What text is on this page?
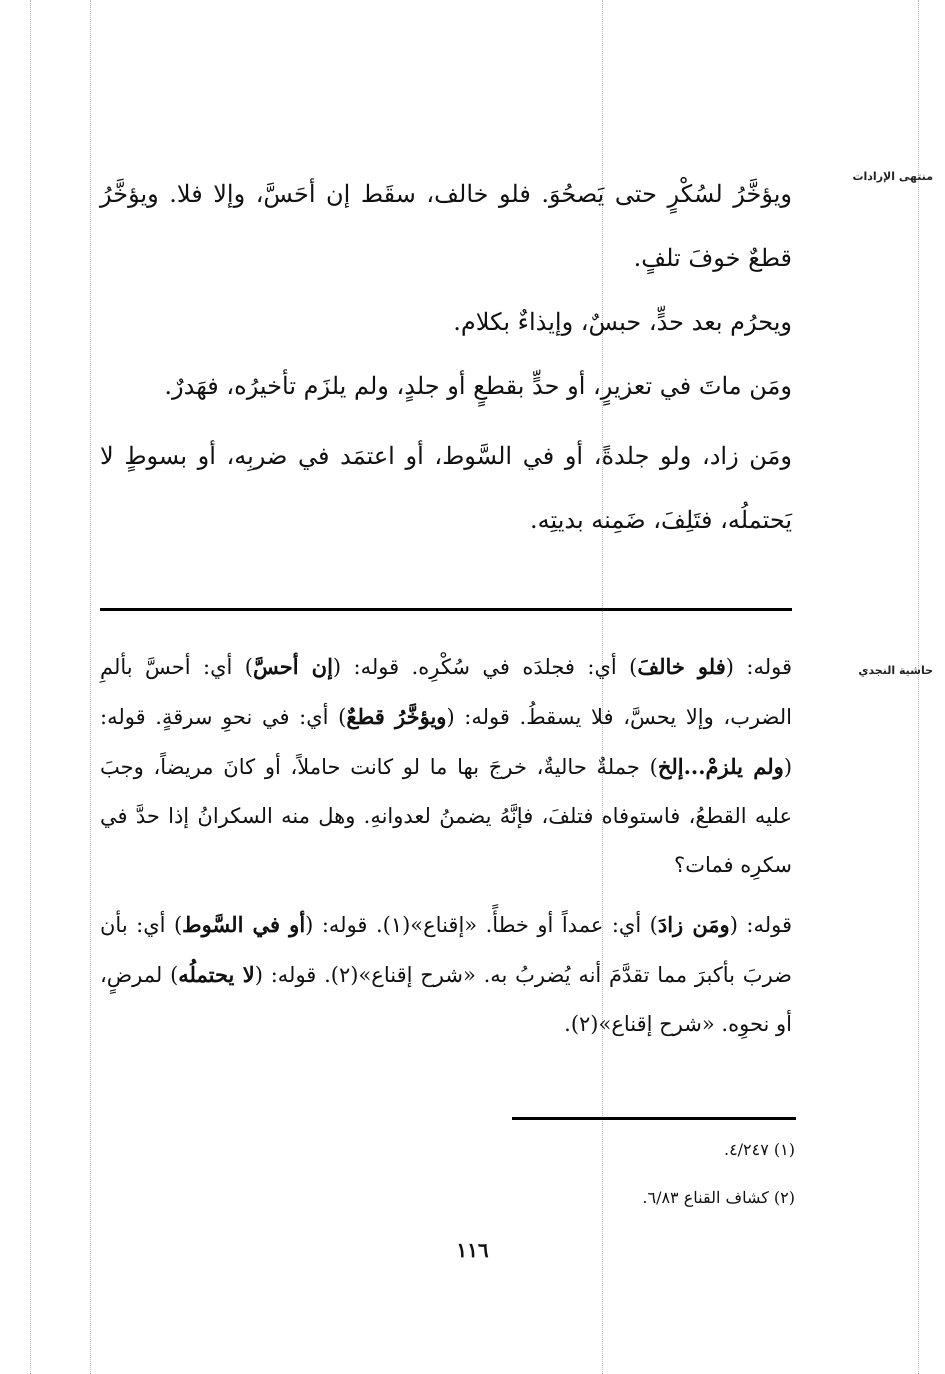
منتهى الإرادات
حاشية النجدي

ويؤخَّرُ لسُكْرٍ حتى يَصحُوَ. فلو خالف، سقَط إن أحَسَّ، وإلا فلا. ويؤخَّرُ قطعٌ خوفَ تلفٍ.

ويحرُم بعد حدٍّ، حبسٌ، وإيذاءٌ بكلام.

ومَن ماتَ في تعزيرٍ، أو حدٍّ بقطعٍ أو جلدٍ، ولم يلزَم تأخيرُه، فهَدرٌ.

ومَن زاد، ولو جلدةً، أو في السَّوط، أو اعتمَد في ضربِه، أو بسوطٍ لا يَحتملُه، فتَلِفَ، ضَمِنه بديتِه.

قوله: (فلو خالفَ) أي: فجلدَه في سُكْرِه. قوله: (إن أحسَّ) أي: أحسَّ بألمِ الضرب، وإلا يحسَّ، فلا يسقطُ. قوله: (ويؤخَّرُ قطعٌ) أي: في نحوِ سرقةٍ. قوله: (ولم يلزمْ...إلخ) جملةٌ حاليةٌ، خرجَ بها ما لو كانت حاملاً، أو كانَ مريضاً، وجبَ عليه القطعُ، فاستوفاه فتلفَ، فإنَّهُ يضمنُ لعدوانهِ. وهل منه السكرانُ إذا حدَّ في سكرِه فمات؟

قوله: (ومَن زادَ) أي: عمداً أو خطأً. «إقناع»(١). قوله: (أو في السَّوط) أي: بأن ضربَ بأكبرَ مما تقدَّمَ أنه يُضربُ به. «شرح إقناع»(٢). قوله: (لا يحتملُه) لمرضٍ، أو نحوِه. «شرح إقناع»(٢).

(١) ٤/٢٤٧.
(٢) كشاف القناع ٦/٨٣.
١١٦
